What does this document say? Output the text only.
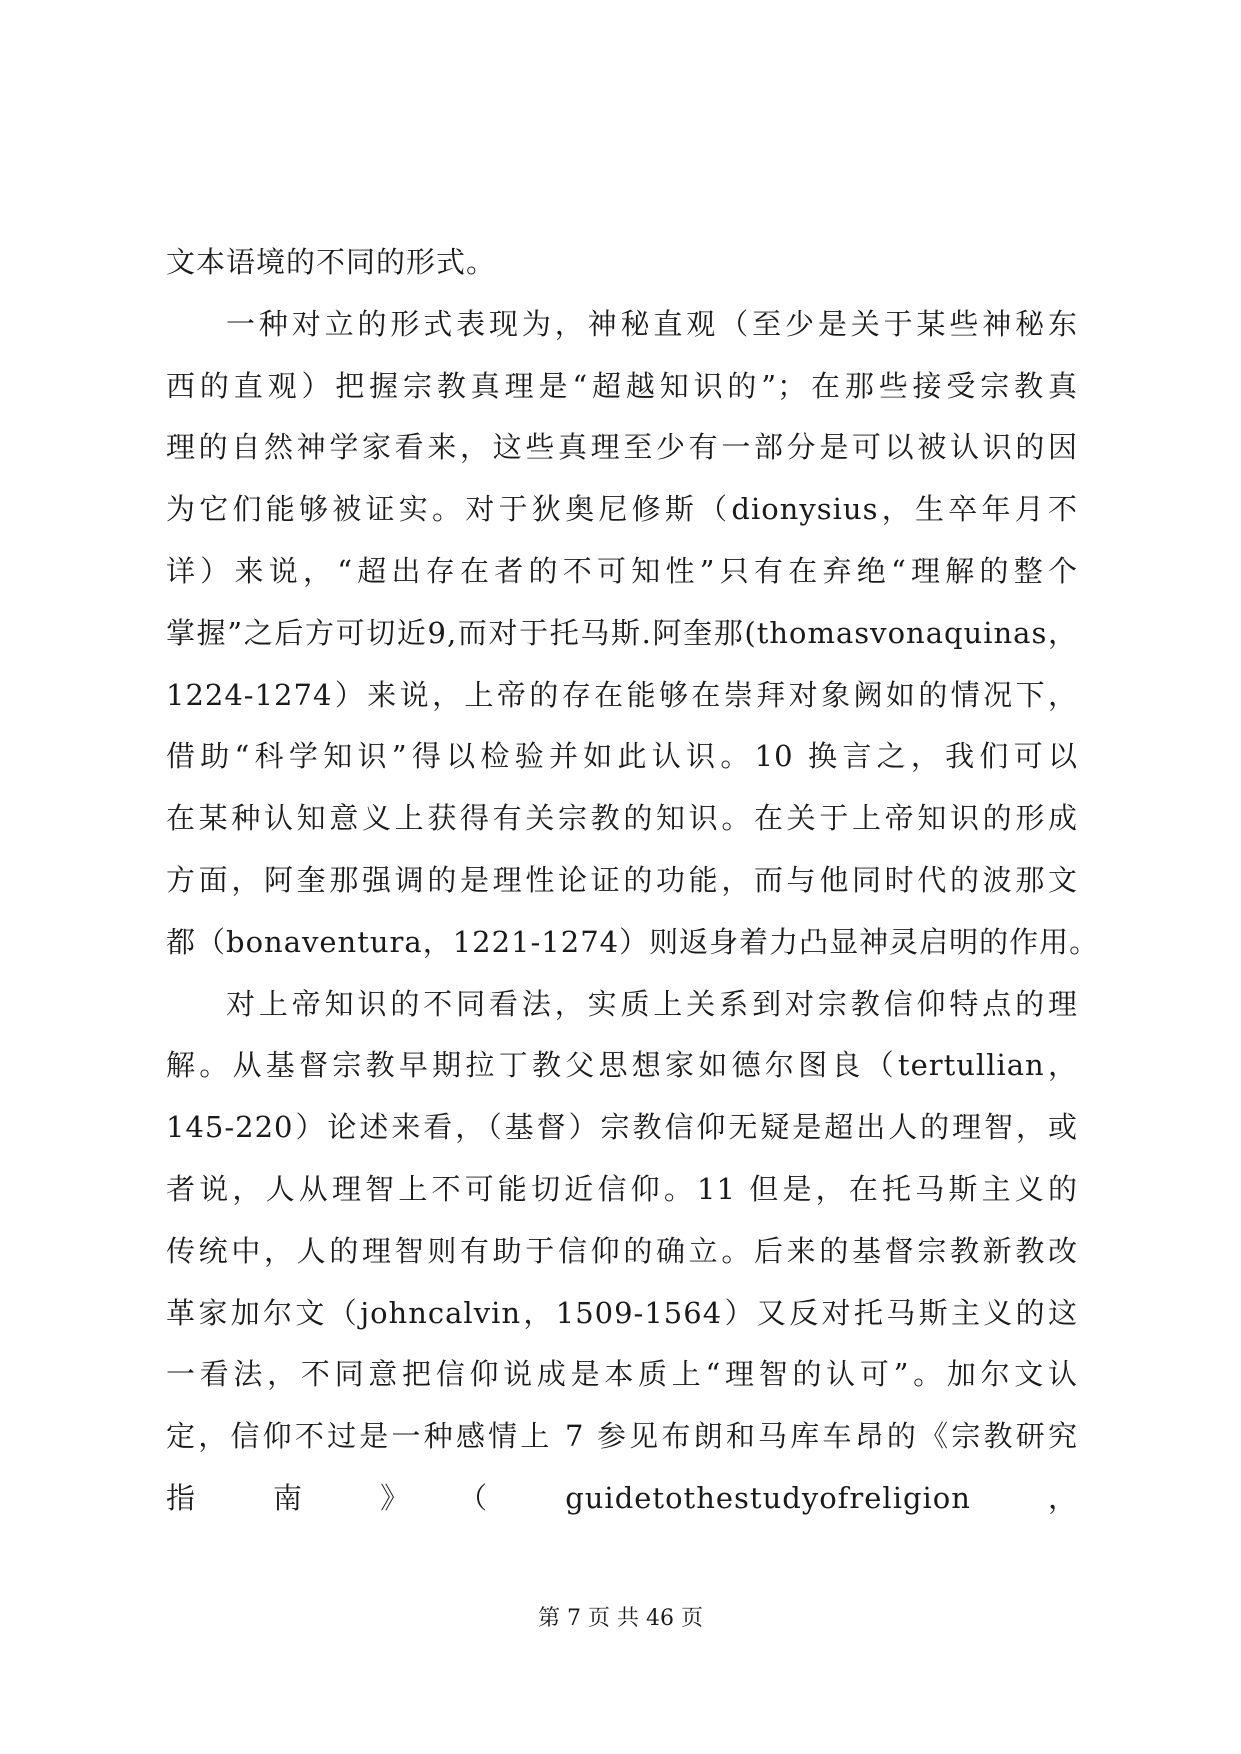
文本语境的不同的形式。
一种对立的形式表现为，神秘直观（至少是关于某些神秘东
西的直观）把握宗教真理是“超越知识的”；在那些接受宗教真
理的自然神学家看来，这些真理至少有一部分是可以被认识的因
为它们能够被证实。对于狄奥尼修斯（dionysius，生卒年月不
详）来说，“超出存在者的不可知性”只有在弃绝“理解的整个
掌握”之后方可切近9,而对于托马斯.阿奎那(thomasvonaquinas，
1224-1274）来说，上帝的存在能够在崇拜对象阙如的情况下，
借助“科学知识”得以检验并如此认识。10 换言之，我们可以
在某种认知意义上获得有关宗教的知识。在关于上帝知识的形成
方面，阿奎那强调的是理性论证的功能，而与他同时代的波那文
都（bonaventura，1221-1274）则返身着力凸显神灵启明的作用。
对上帝知识的不同看法，实质上关系到对宗教信仰特点的理
解。从基督宗教早期拉丁教父思想家如德尔图良（tertullian，
145-220）论述来看，（基督）宗教信仰无疑是超出人的理智，或
者说，人从理智上不可能切近信仰。11 但是，在托马斯主义的
传统中，人的理智则有助于信仰的确立。后来的基督宗教新教改
革家加尔文（johncalvin，1509-1564）又反对托马斯主义的这
一看法，不同意把信仰说成是本质上“理智的认可”。加尔文认
定，信仰不过是一种感情上 7 参见布朗和马库车昂的《宗教研究
指　南　》　（　guidetothestudyofreligion　，
第 7 页 共 46 页
